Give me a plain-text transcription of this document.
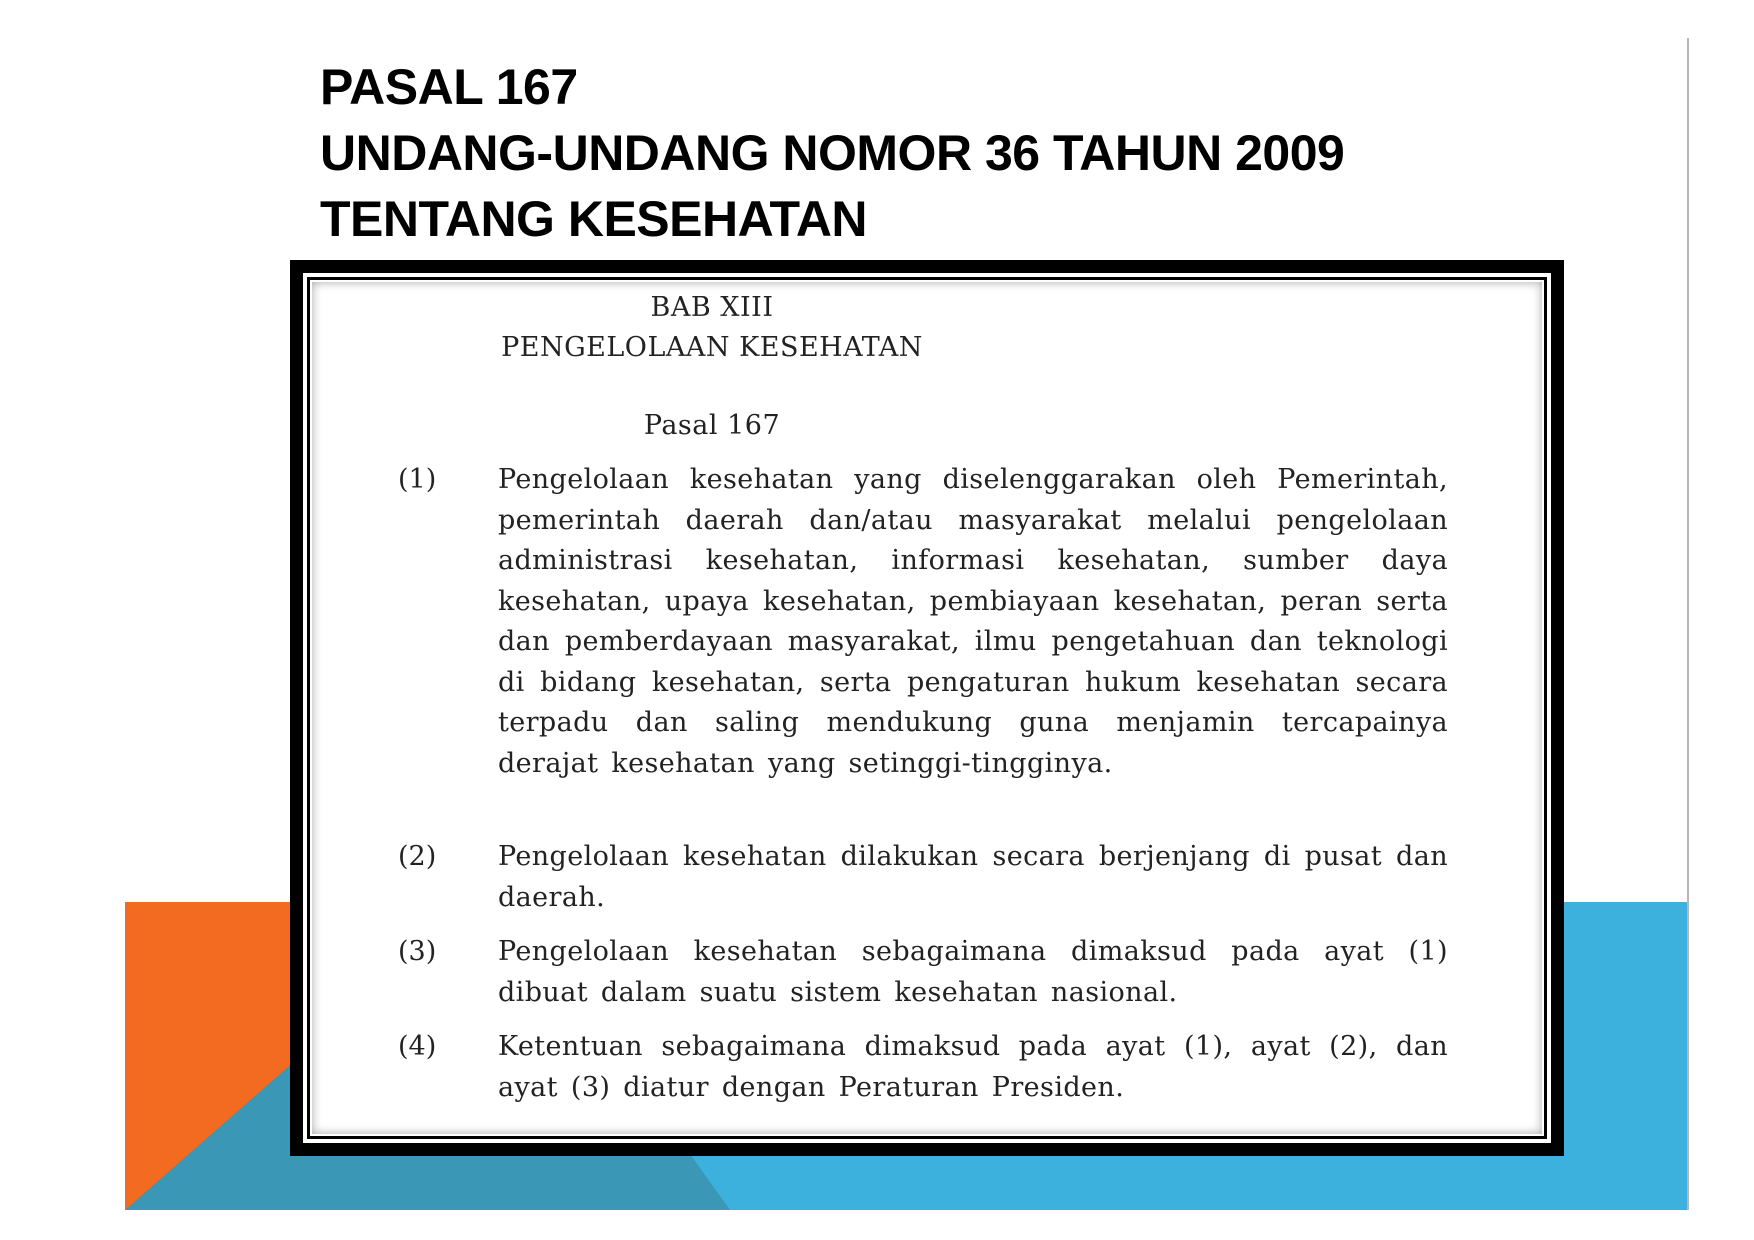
PASAL 167
UNDANG-UNDANG NOMOR 36 TAHUN 2009
TENTANG KESEHATAN
BAB XIII
PENGELOLAAN KESEHATAN
Pasal 167
(1) Pengelolaan kesehatan yang diselenggarakan oleh Pemerintah, pemerintah daerah dan/atau masyarakat melalui pengelolaan administrasi kesehatan, informasi kesehatan, sumber daya kesehatan, upaya kesehatan, pembiayaan kesehatan, peran serta dan pemberdayaan masyarakat, ilmu pengetahuan dan teknologi di bidang kesehatan, serta pengaturan hukum kesehatan secara terpadu dan saling mendukung guna menjamin tercapainya derajat kesehatan yang setinggi-tingginya.
(2) Pengelolaan kesehatan dilakukan secara berjenjang di pusat dan daerah.
(3) Pengelolaan kesehatan sebagaimana dimaksud pada ayat (1) dibuat dalam suatu sistem kesehatan nasional.
(4) Ketentuan sebagaimana dimaksud pada ayat (1), ayat (2), dan ayat (3) diatur dengan Peraturan Presiden.
